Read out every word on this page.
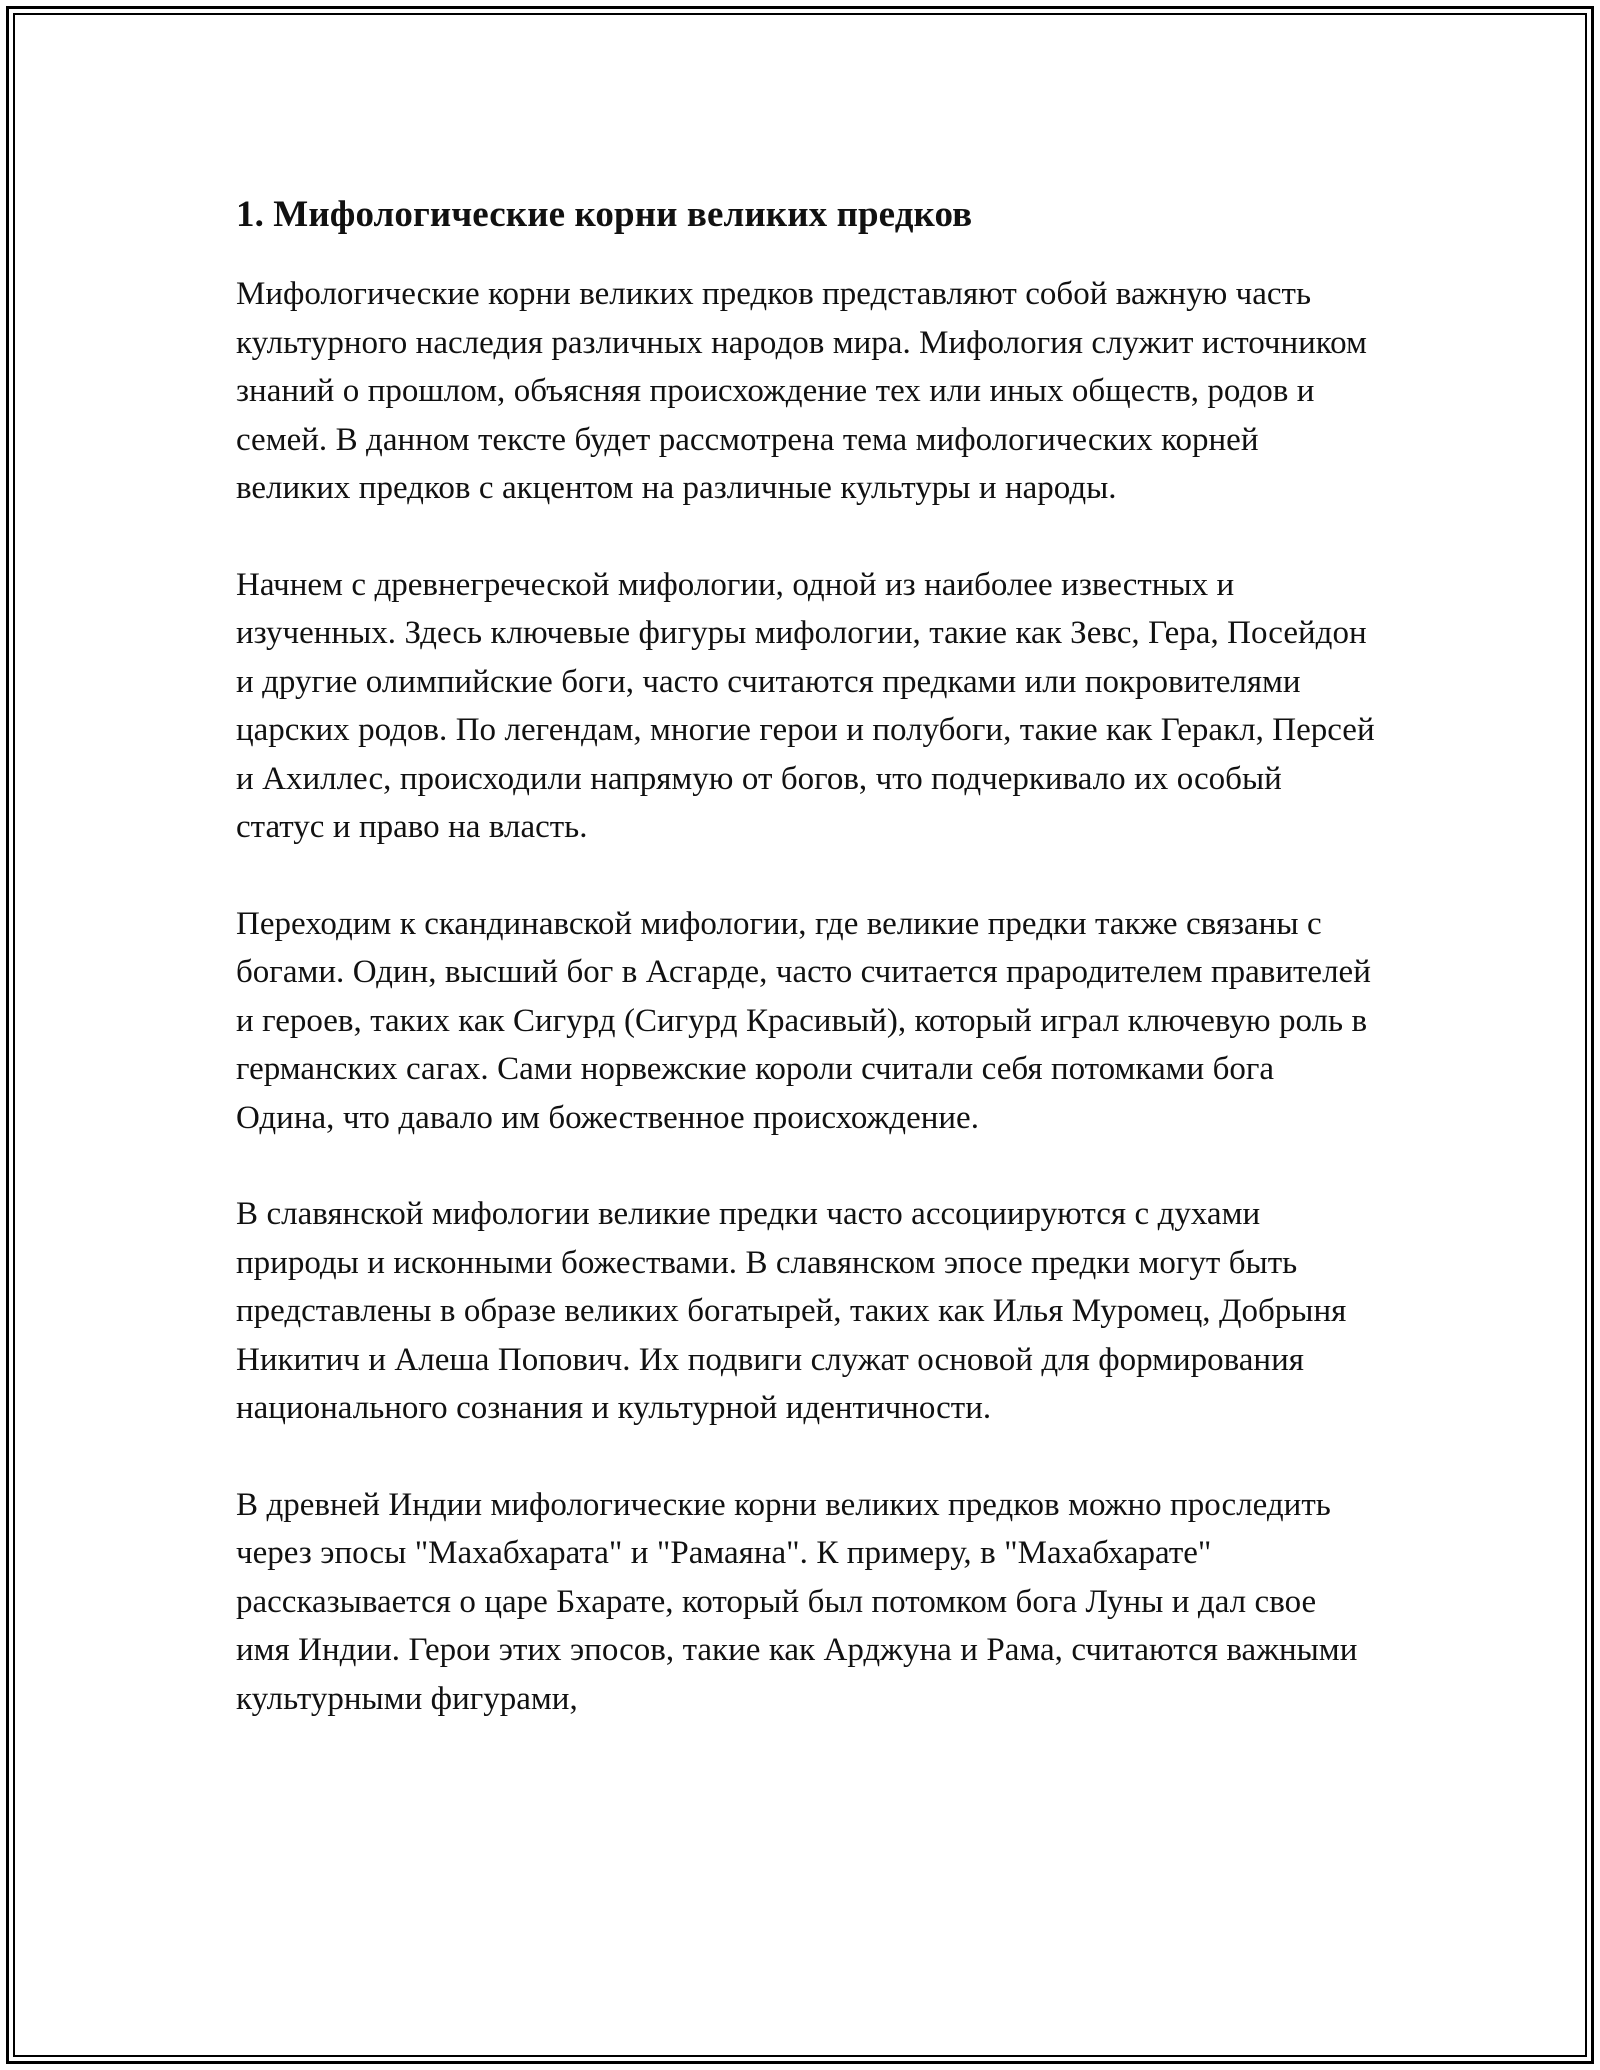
1. Мифологические корни великих предков

Мифологические корни великих предков представляют собой важную часть культурного наследия различных народов мира. Мифология служит источником знаний о прошлом, объясняя происхождение тех или иных обществ, родов и семей. В данном тексте будет рассмотрена тема мифологических корней великих предков с акцентом на различные культуры и народы.

Начнем с древнегреческой мифологии, одной из наиболее известных и изученных. Здесь ключевые фигуры мифологии, такие как Зевс, Гера, Посейдон и другие олимпийские боги, часто считаются предками или покровителями царских родов. По легендам, многие герои и полубоги, такие как Геракл, Персей и Ахиллес, происходили напрямую от богов, что подчеркивало их особый статус и право на власть.

Переходим к скандинавской мифологии, где великие предки также связаны с богами. Один, высший бог в Асгарде, часто считается прародителем правителей и героев, таких как Сигурд (Сигурд Красивый), который играл ключевую роль в германских сагах. Сами норвежские короли считали себя потомками бога Одина, что давало им божественное происхождение.

В славянской мифологии великие предки часто ассоциируются с духами природы и исконными божествами. В славянском эпосе предки могут быть представлены в образе великих богатырей, таких как Илья Муромец, Добрыня Никитич и Алеша Попович. Их подвиги служат основой для формирования национального сознания и культурной идентичности.

В древней Индии мифологические корни великих предков можно проследить через эпосы "Махабхарата" и "Рамаяна". К примеру, в "Махабхарате" рассказывается о царе Бхарате, который был потомком бога Луны и дал свое имя Индии. Герои этих эпосов, такие как Арджуна и Рама, считаются важными культурными фигурами,
